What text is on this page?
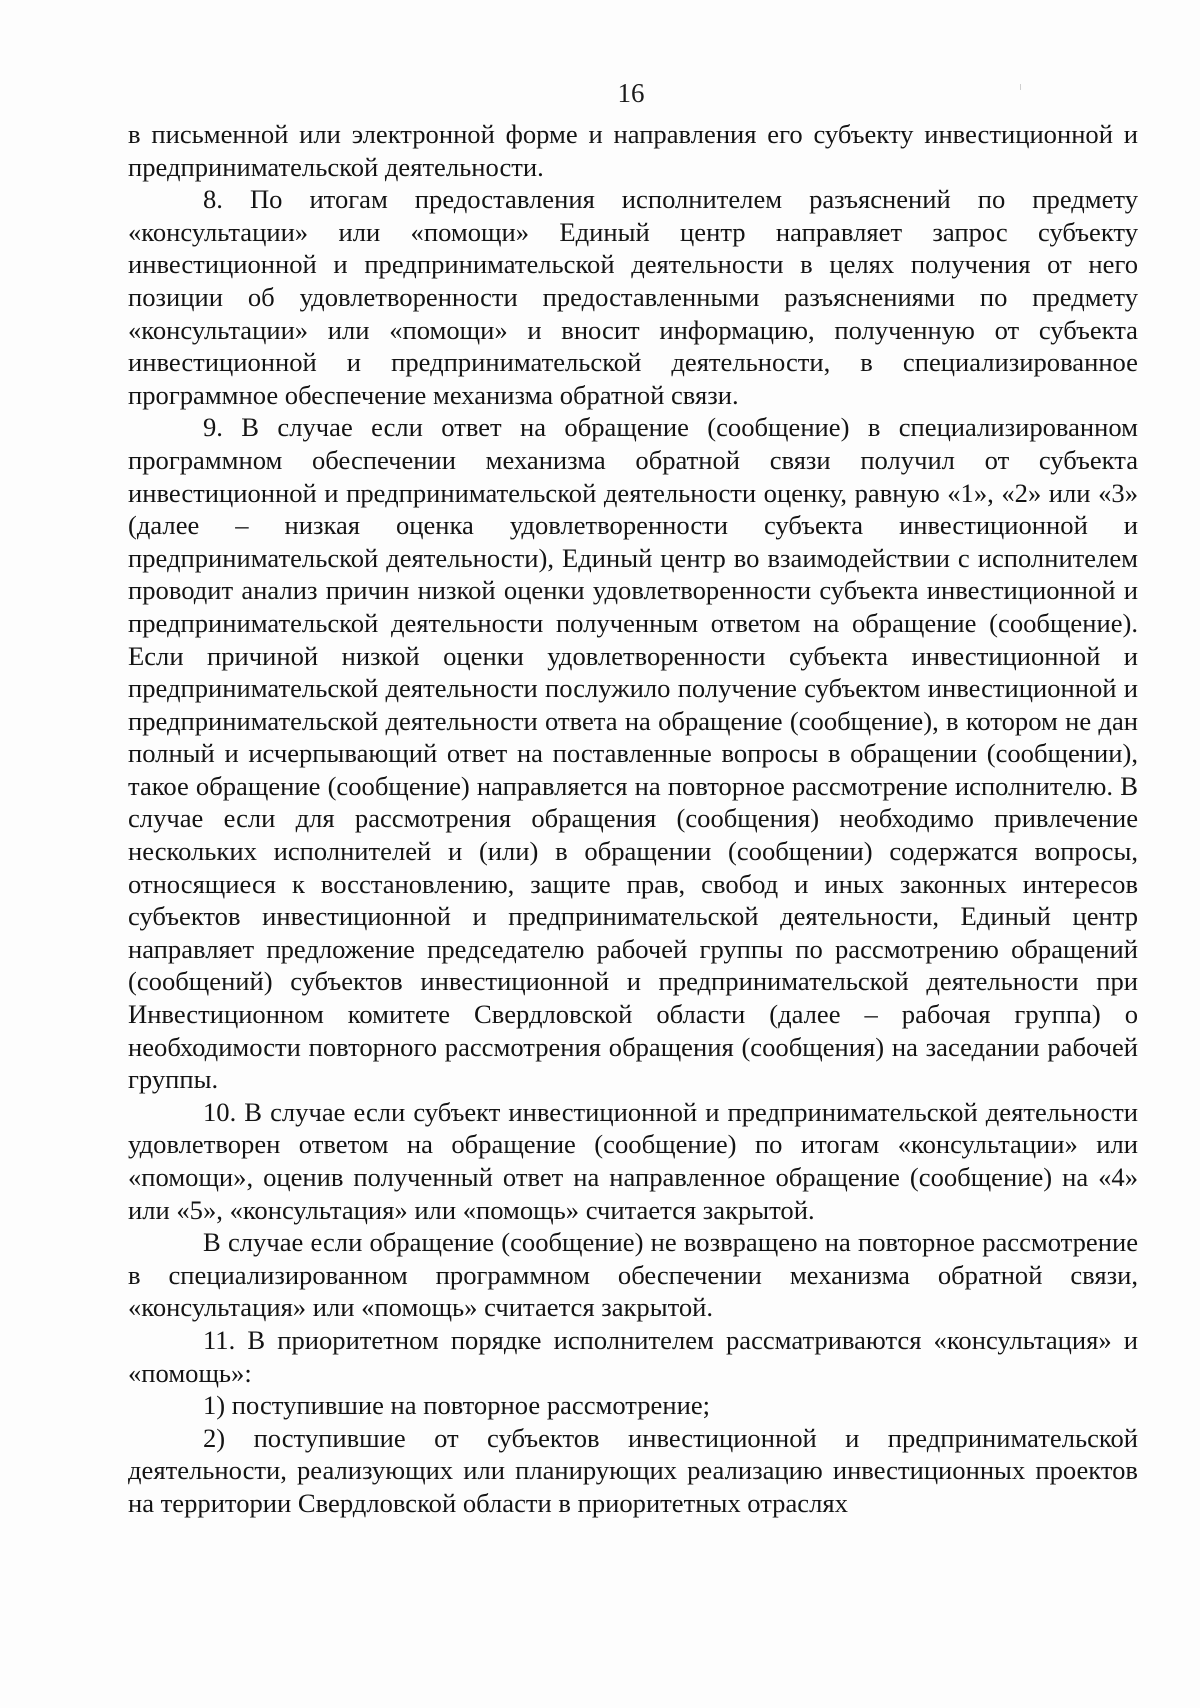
16

в письменной или электронной форме и направления его субъекту инвестиционной и предпринимательской деятельности.

8. По итогам предоставления исполнителем разъяснений по предмету «консультации» или «помощи» Единый центр направляет запрос субъекту инвестиционной и предпринимательской деятельности в целях получения от него позиции об удовлетворенности предоставленными разъяснениями по предмету «консультации» или «помощи» и вносит информацию, полученную от субъекта инвестиционной и предпринимательской деятельности, в специализированное программное обеспечение механизма обратной связи.

9. В случае если ответ на обращение (сообщение) в специализированном программном обеспечении механизма обратной связи получил от субъекта инвестиционной и предпринимательской деятельности оценку, равную «1», «2» или «3» (далее – низкая оценка удовлетворенности субъекта инвестиционной и предпринимательской деятельности), Единый центр во взаимодействии с исполнителем проводит анализ причин низкой оценки удовлетворенности субъекта инвестиционной и предпринимательской деятельности полученным ответом на обращение (сообщение). Если причиной низкой оценки удовлетворенности субъекта инвестиционной и предпринимательской деятельности послужило получение субъектом инвестиционной и предпринимательской деятельности ответа на обращение (сообщение), в котором не дан полный и исчерпывающий ответ на поставленные вопросы в обращении (сообщении), такое обращение (сообщение) направляется на повторное рассмотрение исполнителю. В случае если для рассмотрения обращения (сообщения) необходимо привлечение нескольких исполнителей и (или) в обращении (сообщении) содержатся вопросы, относящиеся к восстановлению, защите прав, свобод и иных законных интересов субъектов инвестиционной и предпринимательской деятельности, Единый центр направляет предложение председателю рабочей группы по рассмотрению обращений (сообщений) субъектов инвестиционной и предпринимательской деятельности при Инвестиционном комитете Свердловской области (далее – рабочая группа) о необходимости повторного рассмотрения обращения (сообщения) на заседании рабочей группы.

10. В случае если субъект инвестиционной и предпринимательской деятельности удовлетворен ответом на обращение (сообщение) по итогам «консультации» или «помощи», оценив полученный ответ на направленное обращение (сообщение) на «4» или «5», «консультация» или «помощь» считается закрытой.

В случае если обращение (сообщение) не возвращено на повторное рассмотрение в специализированном программном обеспечении механизма обратной связи, «консультация» или «помощь» считается закрытой.

11. В приоритетном порядке исполнителем рассматриваются «консультация» и «помощь»:

1) поступившие на повторное рассмотрение;

2) поступившие от субъектов инвестиционной и предпринимательской деятельности, реализующих или планирующих реализацию инвестиционных проектов на территории Свердловской области в приоритетных отраслях
